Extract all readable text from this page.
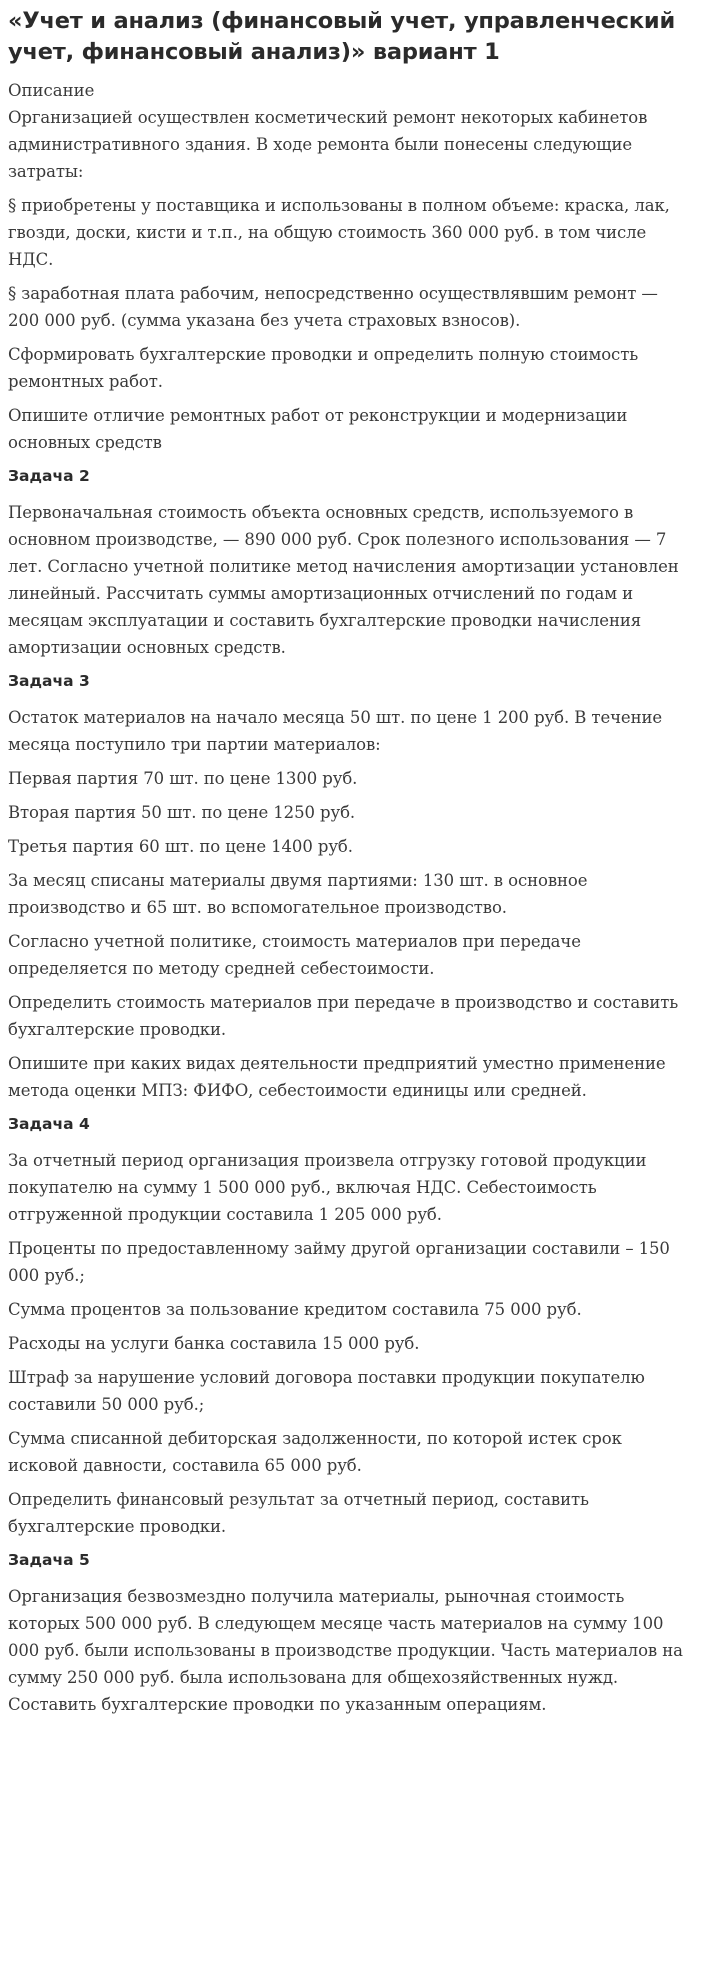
«Учет и анализ (финансовый учет, управленческий учет, финансовый анализ)» вариант 1

Описание

Организацией осуществлен косметический ремонт некоторых кабинетов административного здания. В ходе ремонта были понесены следующие затраты:

§ приобретены у поставщика и использованы в полном объеме: краска, лак, гвозди, доски, кисти и т.п., на общую стоимость 360 000 руб. в том числе НДС.

§ заработная плата рабочим, непосредственно осуществлявшим ремонт — 200 000 руб. (сумма указана без учета страховых взносов).

Сформировать бухгалтерские проводки и определить полную стоимость ремонтных работ.

Опишите отличие ремонтных работ от реконструкции и модернизации основных средств

Задача 2

Первоначальная стоимость объекта основных средств, используемого в основном производстве, — 890 000 руб. Срок полезного использования — 7 лет. Согласно учетной политике метод начисления амортизации установлен линейный. Рассчитать суммы амортизационных отчислений по годам и месяцам эксплуатации и составить бухгалтерские проводки начисления амортизации основных средств.

Задача 3

Остаток материалов на начало месяца 50 шт. по цене 1 200 руб. В течение месяца поступило три партии материалов:

Первая партия 70 шт. по цене 1300 руб.

Вторая партия 50 шт. по цене 1250 руб.

Третья партия 60 шт. по цене 1400 руб.

За месяц списаны материалы двумя партиями: 130 шт. в основное производство и 65 шт. во вспомогательное производство.

Согласно учетной политике, стоимость материалов при передаче определяется по методу средней себестоимости.

Определить стоимость материалов при передаче в производство и составить бухгалтерские проводки.

Опишите при каких видах деятельности предприятий уместно применение метода оценки МПЗ: ФИФО, себестоимости единицы или средней.

Задача 4

За отчетный период организация произвела отгрузку готовой продукции покупателю на сумму 1 500 000 руб., включая НДС. Себестоимость отгруженной продукции составила 1 205 000 руб.

Проценты по предоставленному займу другой организации составили – 150 000 руб.;

Сумма процентов за пользование кредитом составила 75 000 руб.

Расходы на услуги банка составила 15 000 руб.

Штраф за нарушение условий договора поставки продукции покупателю составили 50 000 руб.;

Сумма списанной дебиторская задолженности, по которой истек срок исковой давности, составила 65 000 руб.

Определить финансовый результат за отчетный период, составить бухгалтерские проводки.

Задача 5

Организация безвозмездно получила материалы, рыночная стоимость которых 500 000 руб. В следующем месяце часть материалов на сумму 100 000 руб. были использованы в производстве продукции. Часть материалов на сумму 250 000 руб. была использована для общехозяйственных нужд. Составить бухгалтерские проводки по указанным операциям.
